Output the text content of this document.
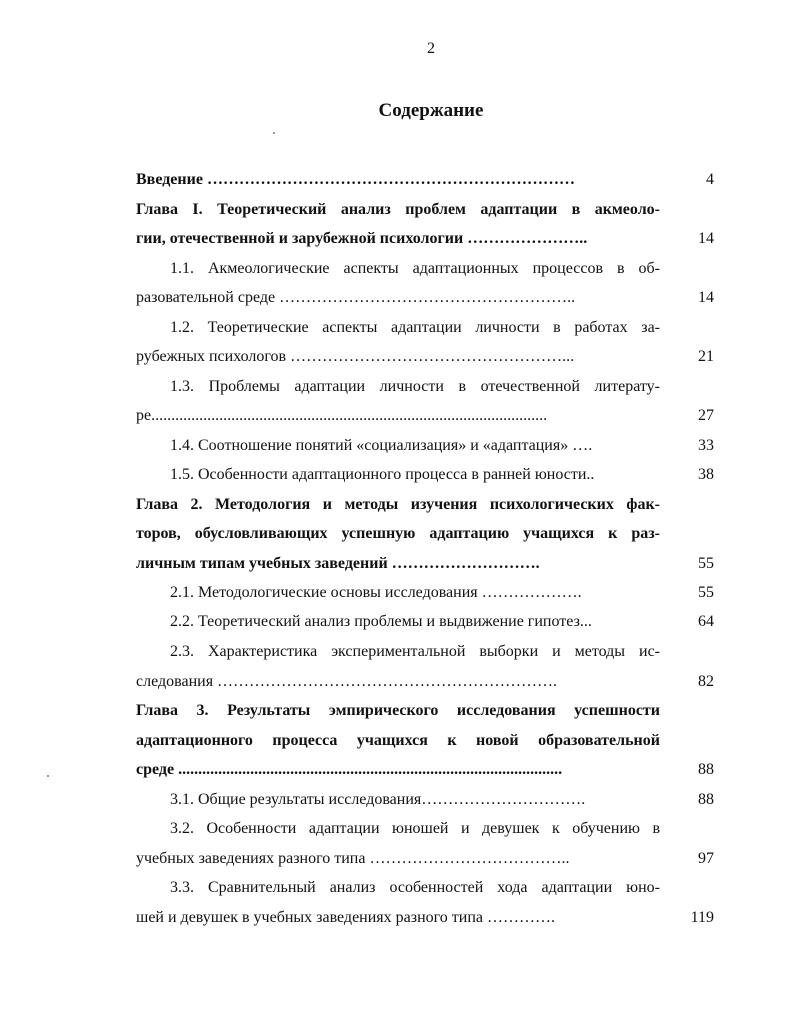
2
Содержание
Введение ……………………………………………………………	4
Глава I. Теоретический анализ проблем адаптации в акмеоло-
гии, отечественной и зарубежной психологии …………………..	14
1.1. Акмеологические аспекты адаптационных процессов в об-
разовательной среде ………………………………………………..	14
1.2. Теоретические аспекты адаптации личности в работах за-
рубежных психологов ……………………………………………...	21
1.3. Проблемы адаптации личности в отечественной литерату-
ре...................................................................................................	27
1.4. Соотношение понятий «социализация» и «адаптация» ….	33
1.5. Особенности адаптационного процесса в ранней юности..	38
Глава 2. Методология и методы изучения психологических фак-
торов, обусловливающих успешную адаптацию учащихся к раз-
личным типам учебных заведений ……………………….	55
2.1. Методологические основы исследования ……………….	55
2.2. Теоретический анализ проблемы и выдвижение гипотез...	64
2.3. Характеристика экспериментальной выборки и методы ис-
следования ……………………………………………………….	82
Глава 3. Результаты эмпирического исследования успешности
адаптационного процесса учащихся к новой образовательной
среде ................................................................................................	88
3.1. Общие результаты исследования………………………….	88
3.2. Особенности адаптации юношей и девушек к обучению в
учебных заведениях разного типа ………………………………..	97
3.3. Сравнительный анализ особенностей хода адаптации юно-
шей и девушек в учебных заведениях разного типа ………….	119
